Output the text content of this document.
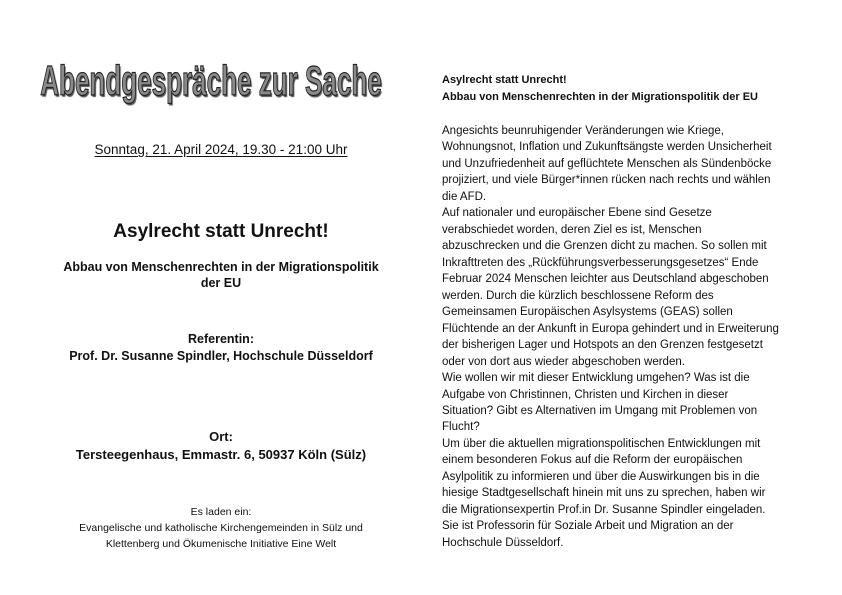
Abendgespräche zur Sache
Sonntag, 21. April 2024, 19.30 - 21:00 Uhr
Asylrecht statt Unrecht!
Abbau von Menschenrechten in der Migrationspolitik
der EU
Referentin:
Prof. Dr. Susanne Spindler, Hochschule Düsseldorf
Ort:
Tersteegenhaus, Emmastr. 6, 50937 Köln (Sülz)
Es laden ein:
Evangelische und katholische Kirchengemeinden in Sülz und
Klettenberg und Ökumenische Initiative Eine Welt
Asylrecht statt Unrecht!
Abbau von Menschenrechten in der Migrationspolitik der EU
Angesichts beunruhigender Veränderungen wie Kriege,
Wohnungsnot, Inflation und Zukunftsängste werden Unsicherheit
und Unzufriedenheit auf geflüchtete Menschen als Sündenböcke
projiziert, und viele Bürger*innen rücken nach rechts und wählen
die AFD.
Auf nationaler und europäischer Ebene sind Gesetze
verabschiedet worden, deren Ziel es ist, Menschen
abzuschrecken und die Grenzen dicht zu machen. So sollen mit
Inkrafttreten des „Rückführungsverbesserungsgesetzes“ Ende
Februar 2024 Menschen leichter aus Deutschland abgeschoben
werden. Durch die kürzlich beschlossene Reform des
Gemeinsamen Europäischen Asylsystems (GEAS) sollen
Flüchtende an der Ankunft in Europa gehindert und in Erweiterung
der bisherigen Lager und Hotspots an den Grenzen festgesetzt
oder von dort aus wieder abgeschoben werden.
Wie wollen wir mit dieser Entwicklung umgehen? Was ist die
Aufgabe von Christinnen, Christen und Kirchen in dieser
Situation? Gibt es Alternativen im Umgang mit Problemen von
Flucht?
Um über die aktuellen migrationspolitischen Entwicklungen mit
einem besonderen Fokus auf die Reform der europäischen
Asylpolitik zu informieren und über die Auswirkungen bis in die
hiesige Stadtgesellschaft hinein mit uns zu sprechen, haben wir
die Migrationsexpertin Prof.in Dr. Susanne Spindler eingeladen.
Sie ist Professorin für Soziale Arbeit und Migration an der
Hochschule Düsseldorf.
